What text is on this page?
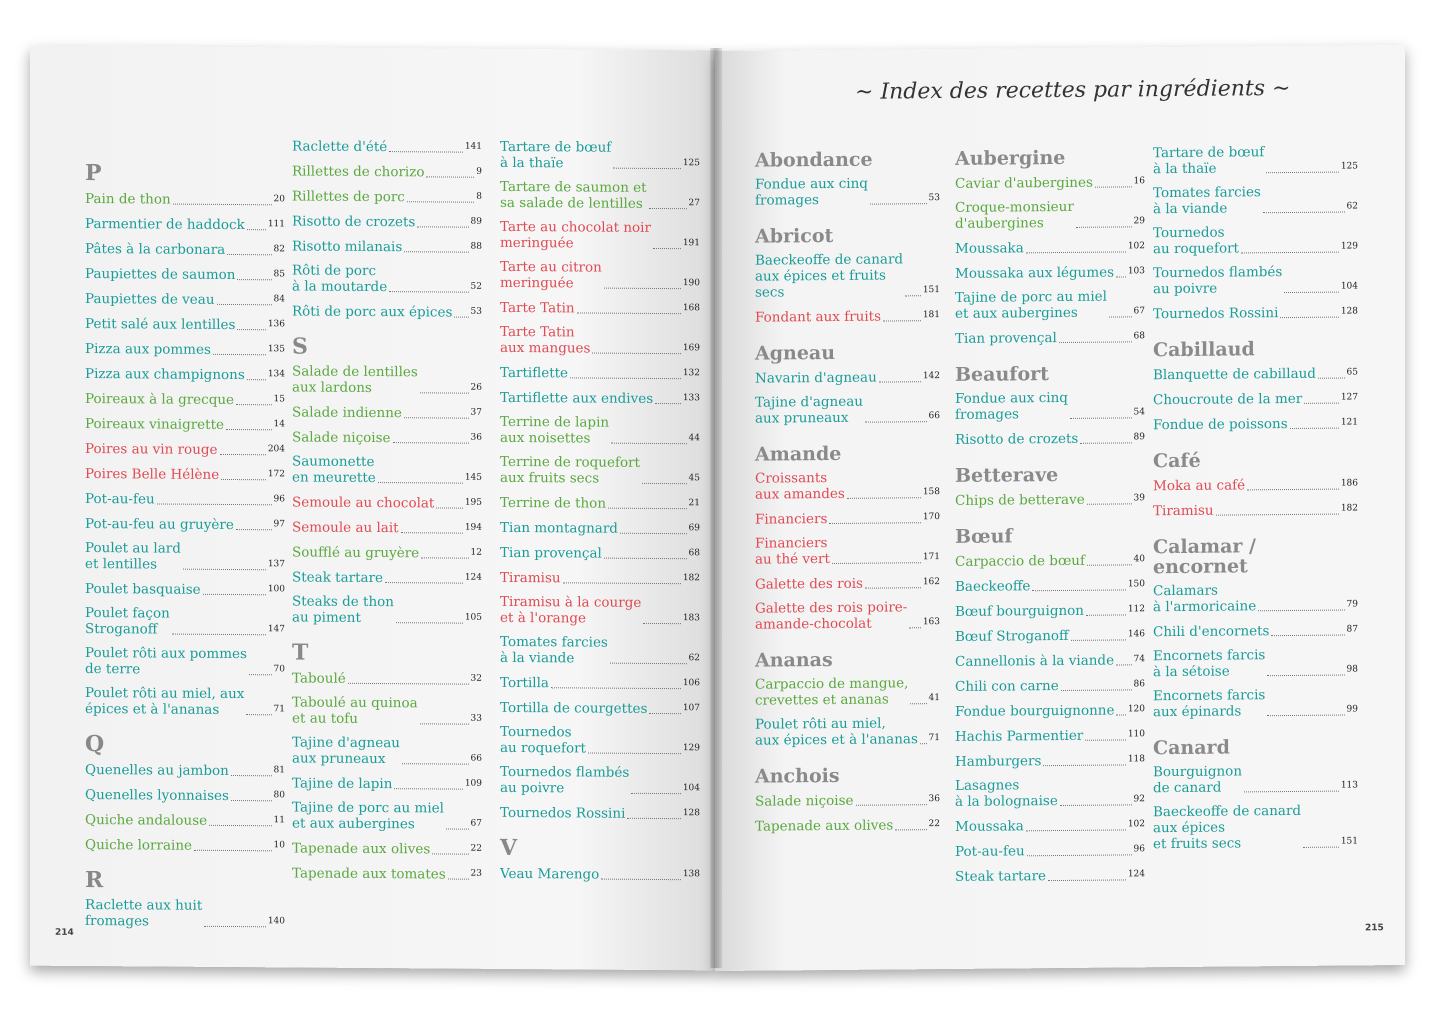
P
Pain de thon	20
Parmentier de haddock	111
Pâtes à la carbonara	82
Paupiettes de saumon	85
Paupiettes de veau	84
Petit salé aux lentilles	136
Pizza aux pommes	135
Pizza aux champignons	134
Poireaux à la grecque	15
Poireaux vinaigrette	14
Poires au vin rouge	204
Poires Belle Hélène	172
Pot-au-feu	96
Pot-au-feu au gruyère	97
Poulet au lard
et lentilles	137
Poulet basquaise	100
Poulet façon
Stroganoff	147
Poulet rôti aux pommes
de terre	70
Poulet rôti au miel, aux
épices et à l'ananas	71
Q
Quenelles au jambon	81
Quenelles lyonnaises	80
Quiche andalouse	11
Quiche lorraine	10
R
Raclette aux huit
fromages	140
Raclette d'été	141
Rillettes de chorizo	9
Rillettes de porc	8
Risotto de crozets	89
Risotto milanais	88
Rôti de porc
à la moutarde	52
Rôti de porc aux épices 53
S
Salade de lentilles
aux lardons	26
Salade indienne	37
Salade niçoise	36
Saumonette
en meurette	145
Semoule au chocolat	195
Semoule au lait	194
Soufflé au gruyère	12
Steak tartare	124
Steaks de thon
au piment	105
T
Taboulé	32
Taboulé au quinoa
et au tofu	33
Tajine d'agneau
aux pruneaux	66
Tajine de lapin	109
Tajine de porc au miel
et aux aubergines	67
Tapenade aux olives	22
Tapenade aux tomates	23
Tartare de bœuf
à la thaïe	125
Tartare de saumon et
sa salade de lentilles	27
Tarte au chocolat noir
meringuée	191
Tarte au citron
meringuée	190
Tarte Tatin	168
Tarte Tatin
aux mangues	169
Tartiflette	132
Tartiflette aux endives	133
Terrine de lapin
aux noisettes	44
Terrine de roquefort
aux fruits secs	45
Terrine de thon	21
Tian montagnard	69
Tian provençal	68
Tiramisu	182
Tiramisu à la courge
et à l'orange	183
Tomates farcies
à la viande	62
Tortilla	106
Tortilla de courgettes	107
Tournedos
au roquefort	129
Tournedos flambés
au poivre	104
Tournedos Rossini	128
V
Veau Marengo	138
214
~ Index des recettes par ingrédients ~
Abondance
Fondue aux cinq
fromages	53
Abricot
Baeckeoffe de canard
aux épices et fruits
secs	151
Fondant aux fruits	181
Agneau
Navarin d'agneau	142
Tajine d'agneau
aux pruneaux	66
Amande
Croissants
aux amandes	158
Financiers	170
Financiers
au thé vert	171
Galette des rois	162
Galette des rois poire-
amande-chocolat	163
Ananas
Carpaccio de mangue,
crevettes et ananas	41
Poulet rôti au miel,
aux épices et à l'ananas 71
Anchois
Salade niçoise	36
Tapenade aux olives	22
Aubergine
Caviar d'aubergines	16
Croque-monsieur
d'aubergines	29
Moussaka	102
Moussaka aux légumes 103
Tajine de porc au miel
et aux aubergines	67
Tian provençal	68
Beaufort
Fondue aux cinq
fromages	54
Risotto de crozets	89
Betterave
Chips de betterave	39
Bœuf
Carpaccio de bœuf	40
Baeckeoffe	150
Bœuf bourguignon	112
Bœuf Stroganoff	146
Cannellonis à la viande 74
Chili con carne	86
Fondue bourguignonne 120
Hachis Parmentier	110
Hamburgers	118
Lasagnes
à la bolognaise	92
Moussaka	102
Pot-au-feu	96
Steak tartare	124
Tartare de bœuf
à la thaïe	125
Tomates farcies
à la viande	62
Tournedos
au roquefort	129
Tournedos flambés
au poivre	104
Tournedos Rossini	128
Cabillaud
Blanquette de cabillaud	65
Choucroute de la mer	127
Fondue de poissons	121
Café
Moka au café	186
Tiramisu	182
Calamar /
encornet
Calamars
à l'armoricaine	79
Chili d'encornets	87
Encornets farcis
à la sétoise	98
Encornets farcis
aux épinards	99
Canard
Bourguignon
de canard	113
Baeckeoffe de canard
aux épices
et fruits secs	151
215
